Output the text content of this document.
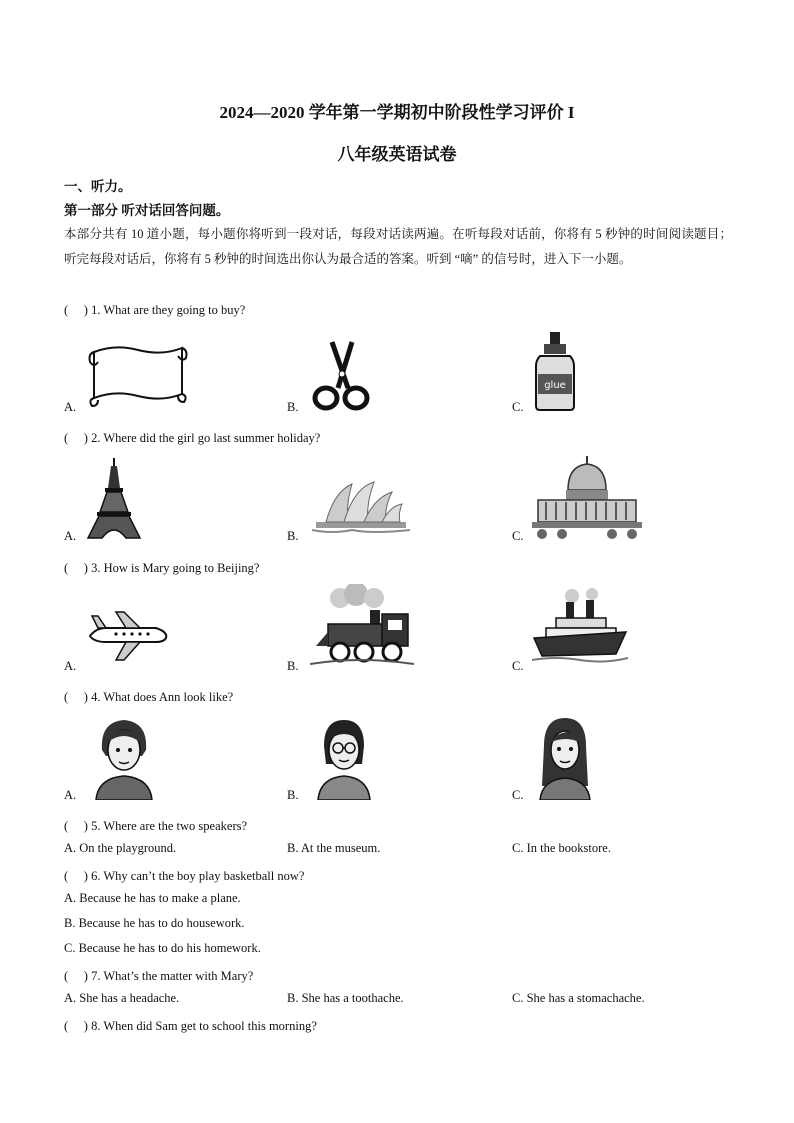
2024—2020 学年第一学期初中阶段性学习评价 I
八年级英语试卷
一、听力。
第一部分 听对话回答问题。
本部分共有 10 道小题，每小题你将听到一段对话，每段对话读两遍。在听每段对话前，你将有 5 秒钟的时间阅读题目；听完每段对话后，你将有 5 秒钟的时间选出你认为最合适的答案。听到 “嘀” 的信号时，进入下一小题。
(　 ) 1. What are they going to buy?
A.	B.	C.
glue
(　 ) 2. Where did the girl go last summer holiday?
A.	B.	C.
(　 ) 3. How is Mary going to Beijing?
A.	B.	C.
(　 ) 4. What does Ann look like?
A.	B.	C.
(　 ) 5. Where are the two speakers?
A. On the playground.	B. At the museum.	C. In the bookstore.
(　 ) 6. Why can’t the boy play basketball now?
A. Because he has to make a plane.
B. Because he has to do housework.
C. Because he has to do his homework.
(　 ) 7. What’s the matter with Mary?
A. She has a headache.	B. She has a toothache.	C. She has a stomachache.
(　 ) 8. When did Sam get to school this morning?
